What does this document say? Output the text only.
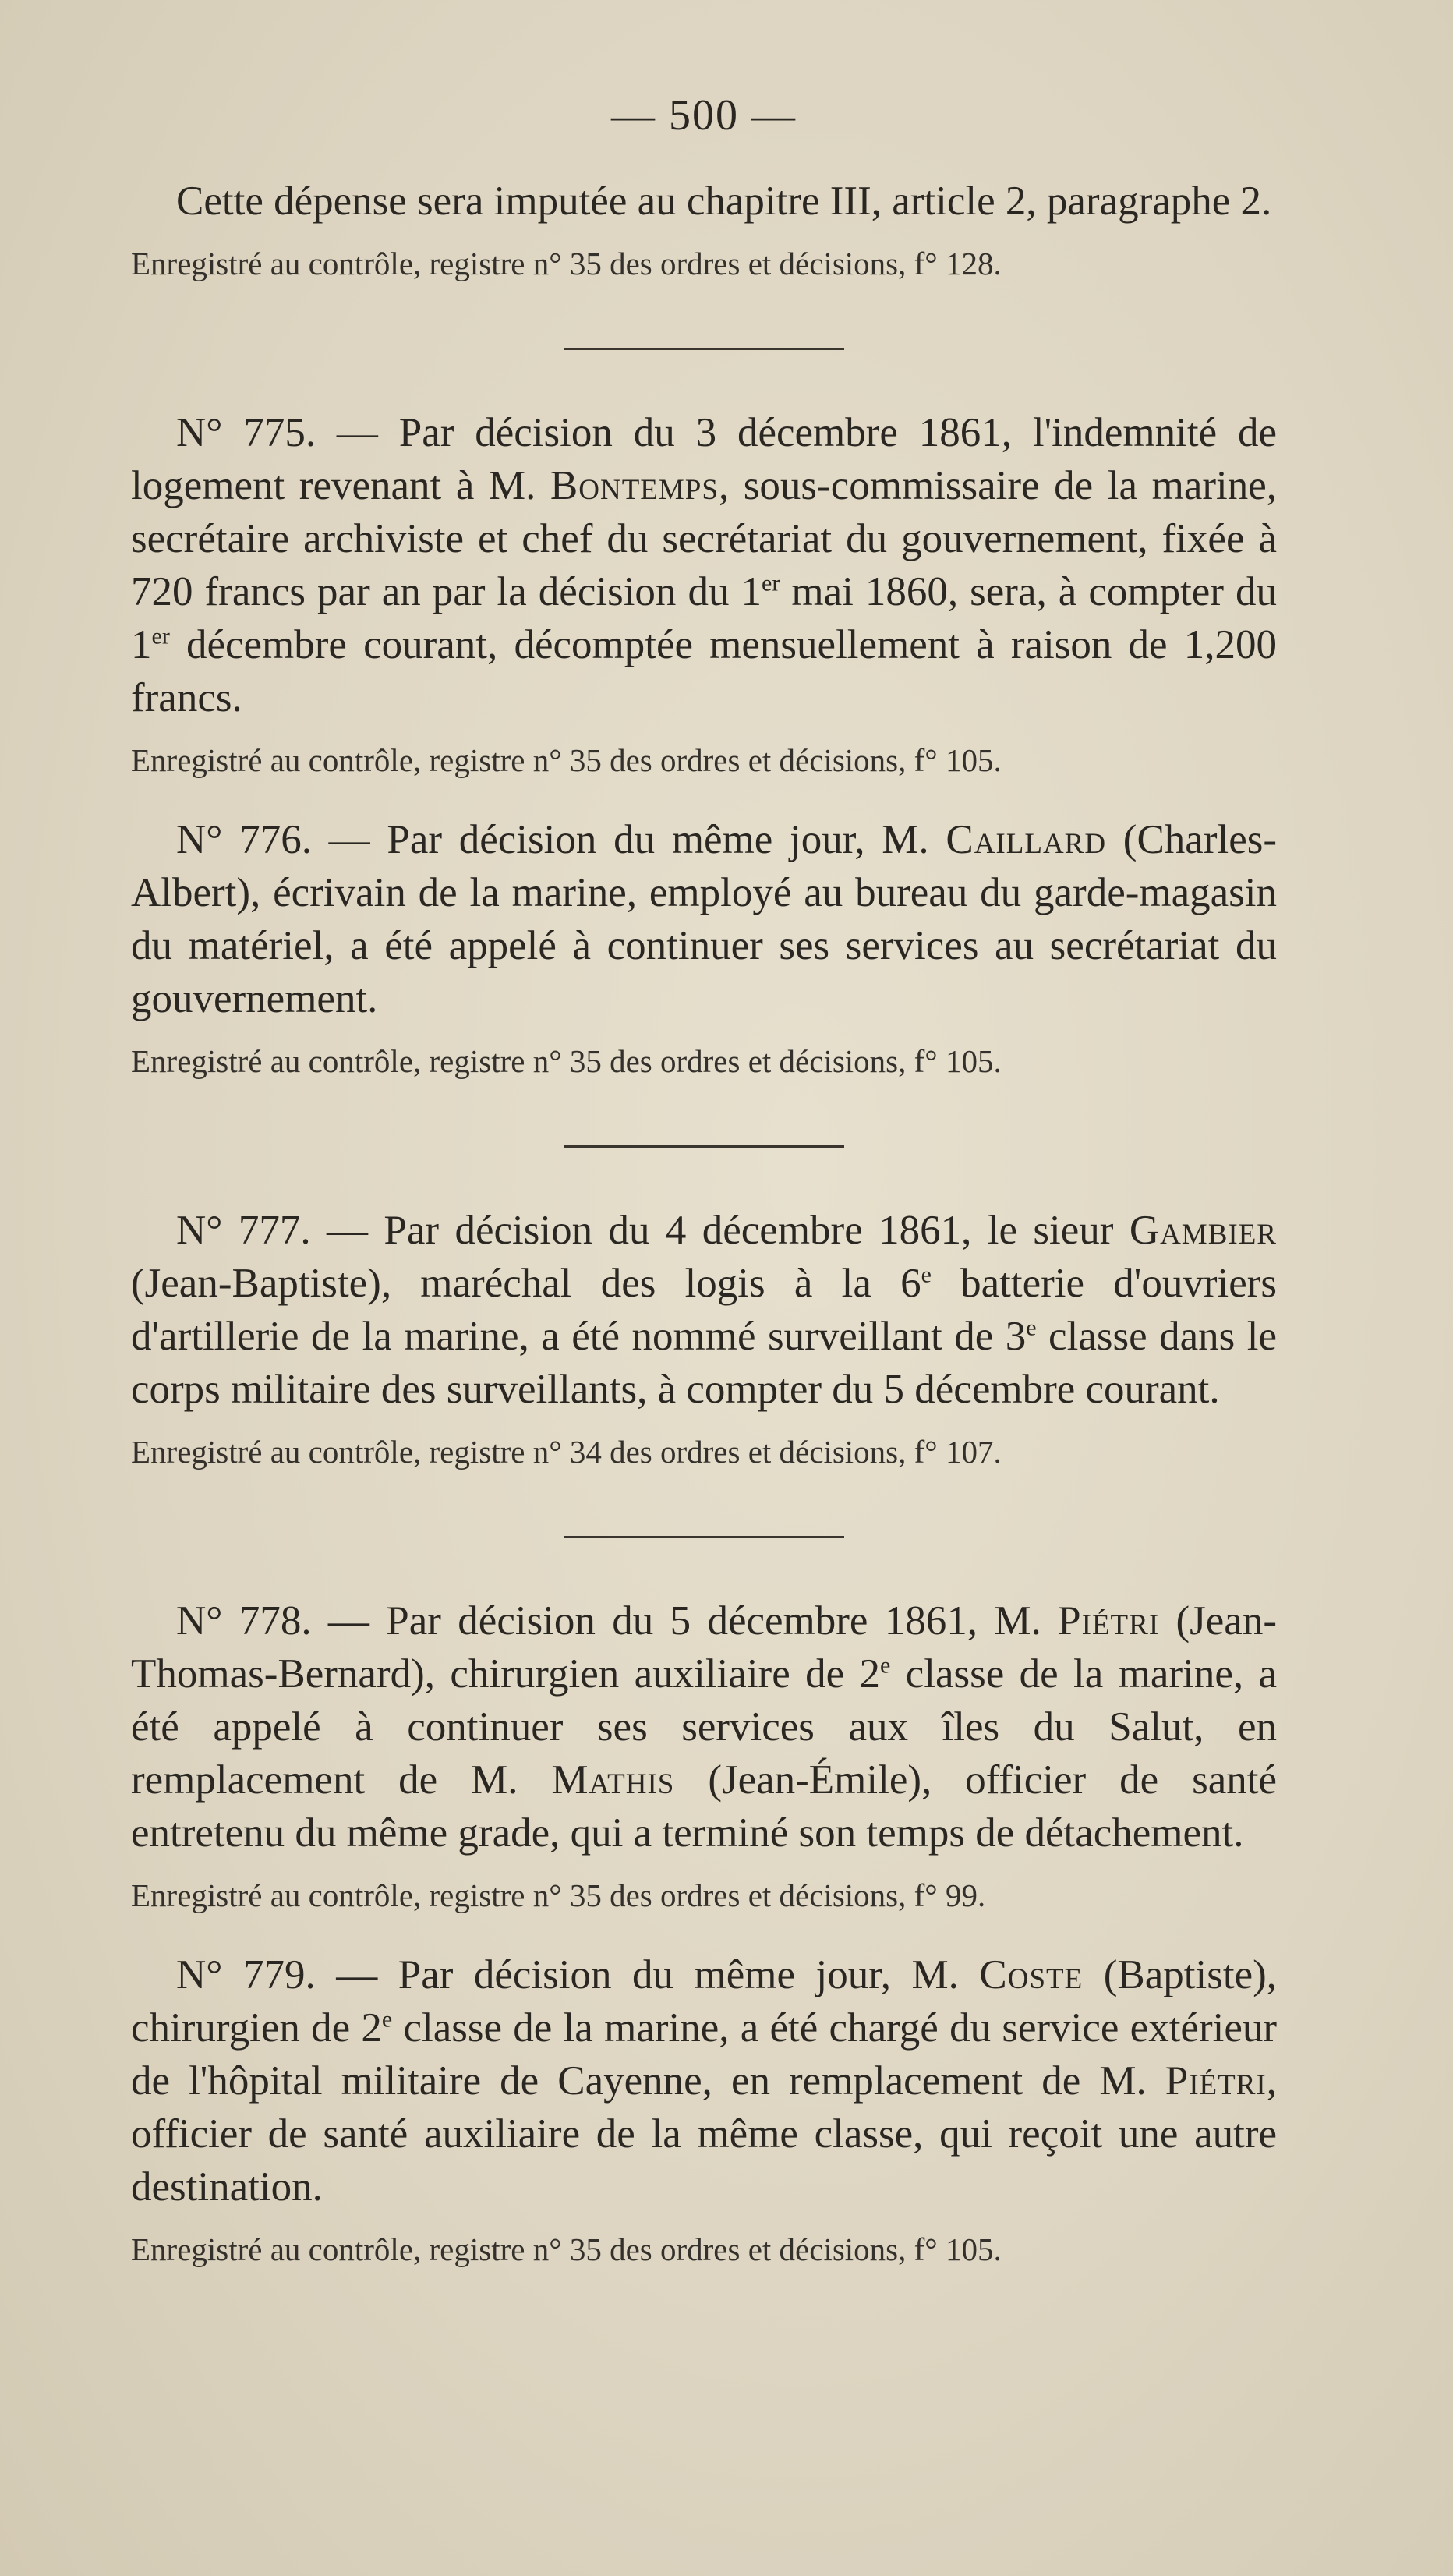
— 500 —

Cette dépense sera imputée au chapitre III, article 2, paragraphe 2.

Enregistré au contrôle, registre n° 35 des ordres et décisions, f° 128.

N° 775. — Par décision du 3 décembre 1861, l'indemnité de logement revenant à M. Bontemps, sous-commissaire de la marine, secrétaire archiviste et chef du secrétariat du gouvernement, fixée à 720 francs par an par la décision du 1er mai 1860, sera, à compter du 1er décembre courant, décomptée mensuellement à raison de 1,200 francs.

Enregistré au contrôle, registre n° 35 des ordres et décisions, f° 105.

N° 776. — Par décision du même jour, M. Caillard (Charles-Albert), écrivain de la marine, employé au bureau du garde-magasin du matériel, a été appelé à continuer ses services au secrétariat du gouvernement.

Enregistré au contrôle, registre n° 35 des ordres et décisions, f° 105.

N° 777. — Par décision du 4 décembre 1861, le sieur Gambier (Jean-Baptiste), maréchal des logis à la 6e batterie d'ouvriers d'artillerie de la marine, a été nommé surveillant de 3e classe dans le corps militaire des surveillants, à compter du 5 décembre courant.

Enregistré au contrôle, registre n° 34 des ordres et décisions, f° 107.

N° 778. — Par décision du 5 décembre 1861, M. Piétri (Jean-Thomas-Bernard), chirurgien auxiliaire de 2e classe de la marine, a été appelé à continuer ses services aux îles du Salut, en remplacement de M. Mathis (Jean-Émile), officier de santé entretenu du même grade, qui a terminé son temps de détachement.

Enregistré au contrôle, registre n° 35 des ordres et décisions, f° 99.

N° 779. — Par décision du même jour, M. Coste (Baptiste), chirurgien de 2e classe de la marine, a été chargé du service extérieur de l'hôpital militaire de Cayenne, en remplacement de M. Piétri, officier de santé auxiliaire de la même classe, qui reçoit une autre destination.

Enregistré au contrôle, registre n° 35 des ordres et décisions, f° 105.
